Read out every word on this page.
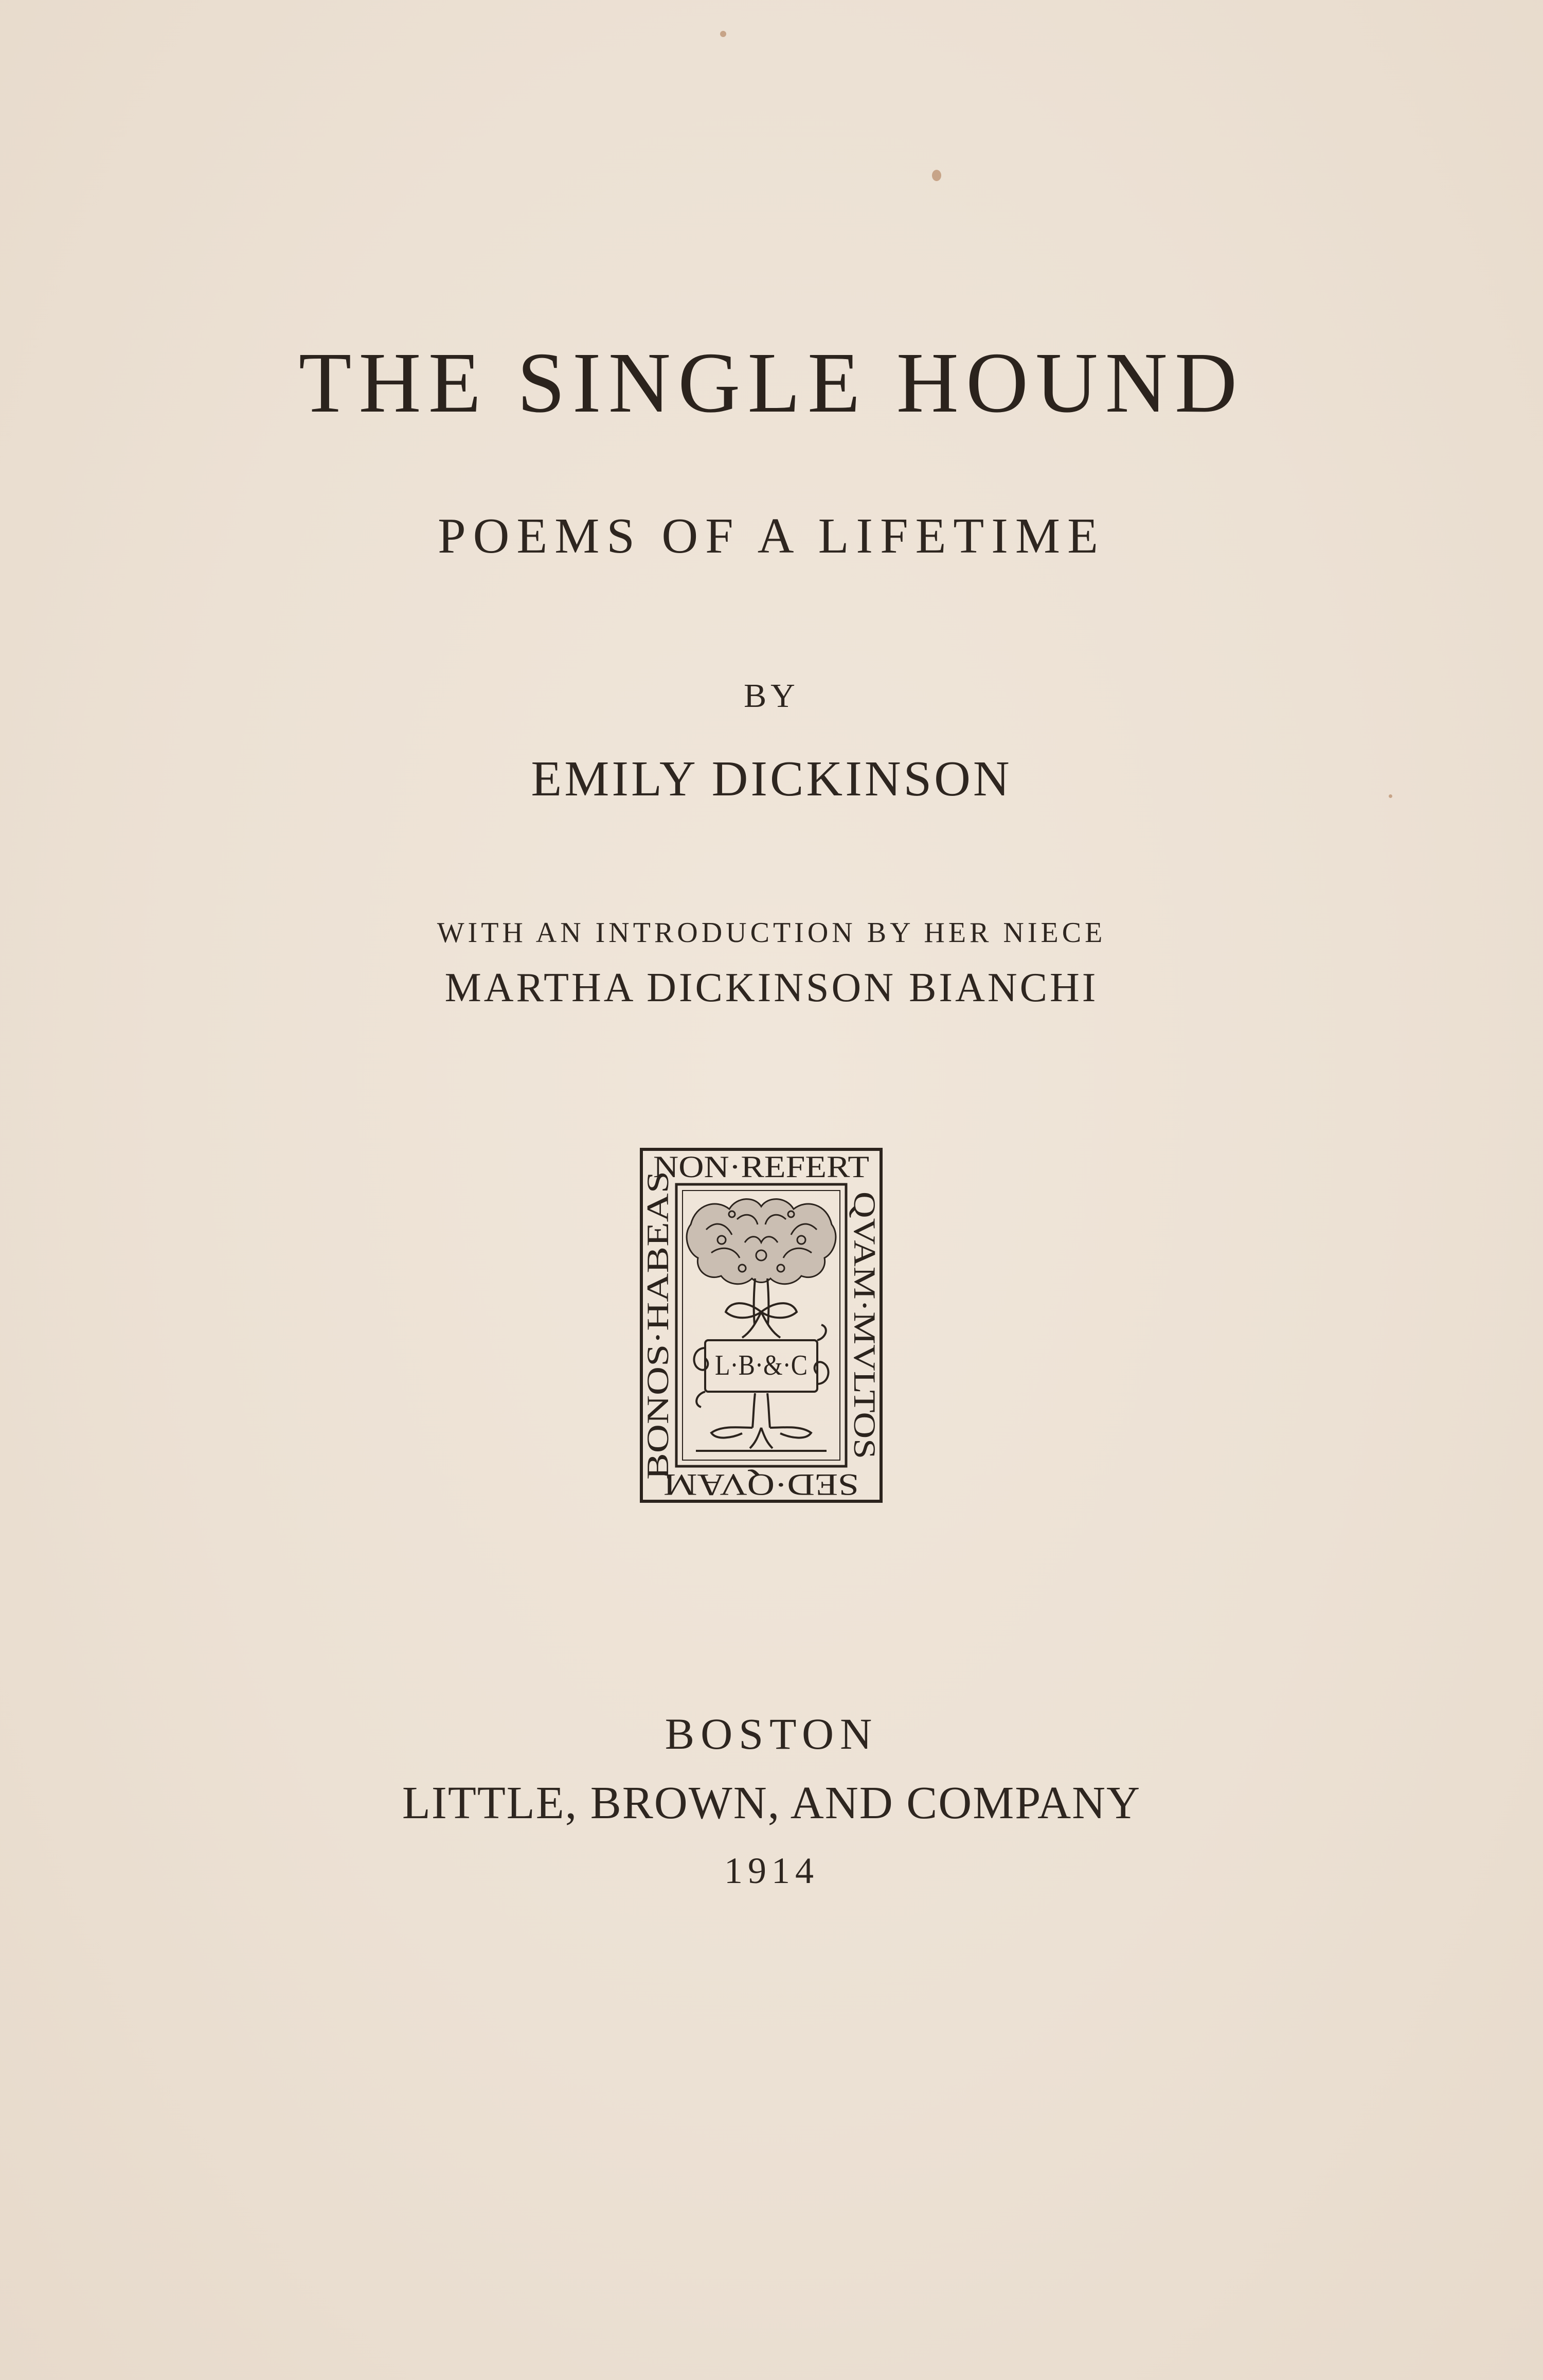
THE SINGLE HOUND
POEMS OF A LIFETIME
BY
EMILY DICKINSON
WITH AN INTRODUCTION BY HER NIECE
MARTHA DICKINSON BIANCHI
NON·REFERT
QVAM·MVLTOS
SED·QVAM
BONOS·HABEAS L·B·&·C
BOSTON
LITTLE, BROWN, AND COMPANY
1914
